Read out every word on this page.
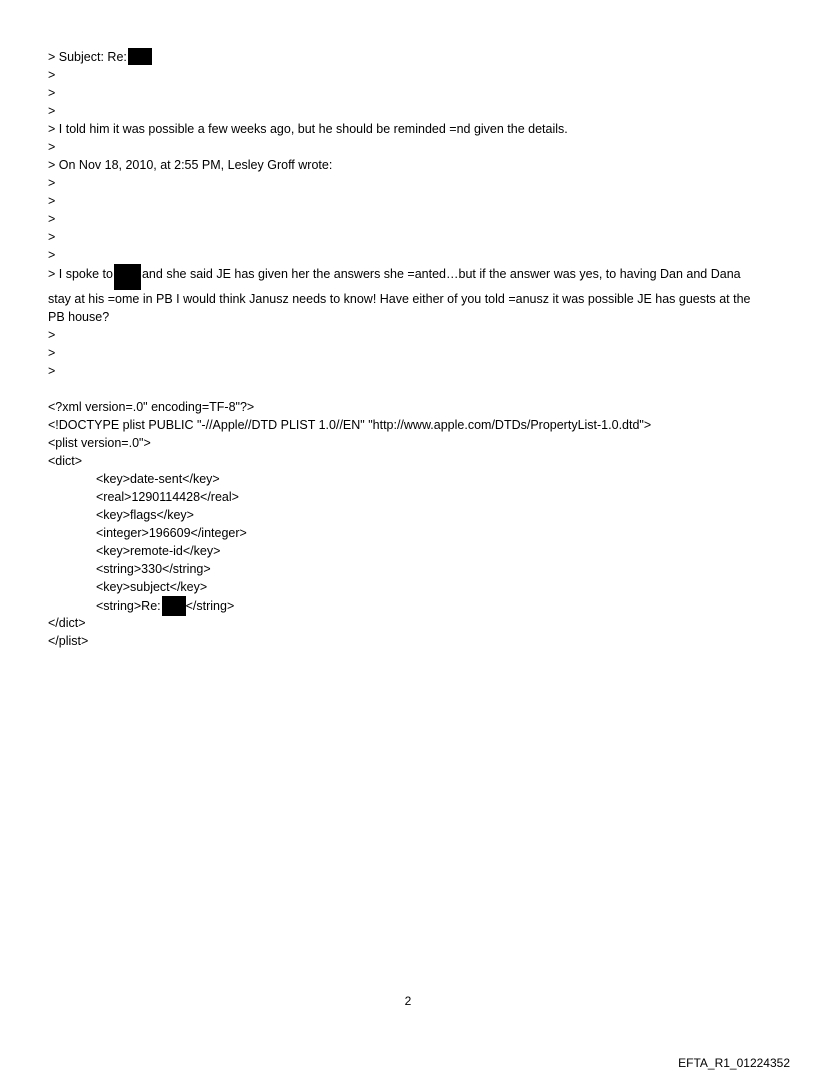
> Subject: Re:
>
>
>
> I told him it was possible a few weeks ago, but he should be reminded =nd given the details.
>
> On Nov 18, 2010, at 2:55 PM, Lesley Groff wrote:
>
>
>
>
>
> I spoke to and she said JE has given her the answers she =anted…but if the answer was yes, to having Dan and Dana stay at his =ome in PB I would think Janusz needs to know! Have either of you told =anusz it was possible JE has guests at the PB house?
>
>
>
<?xml version=.0" encoding=TF-8"?>
<!DOCTYPE plist PUBLIC "-//Apple//DTD PLIST 1.0//EN" "http://www.apple.com/DTDs/PropertyList-1.0.dtd">
<plist version=.0">
<dict>
<key>date-sent</key>
<real>1290114428</real>
<key>flags</key>
<integer>196609</integer>
<key>remote-id</key>
<string>330</string>
<key>subject</key>
<string>Re: </string>
</dict>
</plist>
2
EFTA_R1_01224352
